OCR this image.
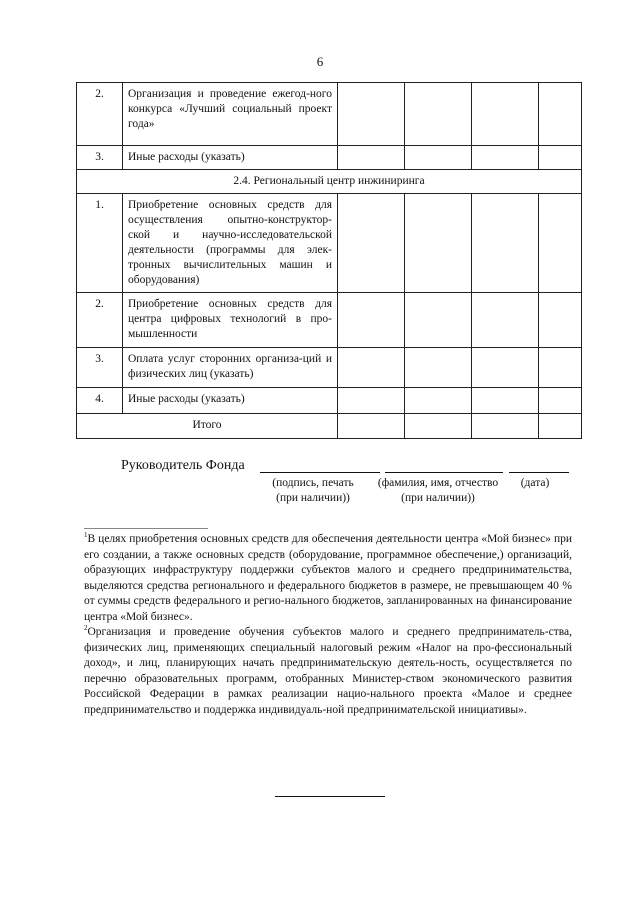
6
2.	Организация и проведение ежегод-ного конкурса «Лучший социальный проект года»				
3.	Иные расходы (указать)				
2.4. Региональный центр инжиниринга					
1.	Приобретение основных средств для осуществления опытно-конструктор-ской и научно-исследовательской деятельности (программы для элек-тронных вычислительных машин и оборудования)				
2.	Приобретение основных средств для центра цифровых технологий в про-мышленности				
3.	Оплата услуг сторонних организа-ций и физических лиц (указать)				
4.	Иные расходы (указать)				
Итого					
Руководитель Фонда
(подпись, печать
(при наличии))
(фамилия, имя, отчество
(при наличии))
(дата)

$^1$В целях приобретения основных средств для обеспечения деятельности центра «Мой бизнес» при его создании, а также основных средств (оборудование, программное обеспечение,) организаций, образующих инфраструктуру поддержки субъектов малого и среднего предпринимательства, выделяются средства регионального и федерального бюджетов в размере, не превышающем 40 % от суммы средств федерального и регио-нального бюджетов, запланированных на финансирование центра «Мой бизнес».

$^2$Организация и проведение обучения субъектов малого и среднего предприниматель-ства, физических лиц, применяющих специальный налоговый режим «Налог на про-фессиональный доход», и лиц, планирующих начать предпринимательскую деятель-ность, осуществляется по перечню образовательных программ, отобранных Министер-ством экономического развития Российской Федерации в рамках реализации нацио-нального проекта «Малое и среднее предпринимательство и поддержка индивидуаль-ной предпринимательской инициативы».
